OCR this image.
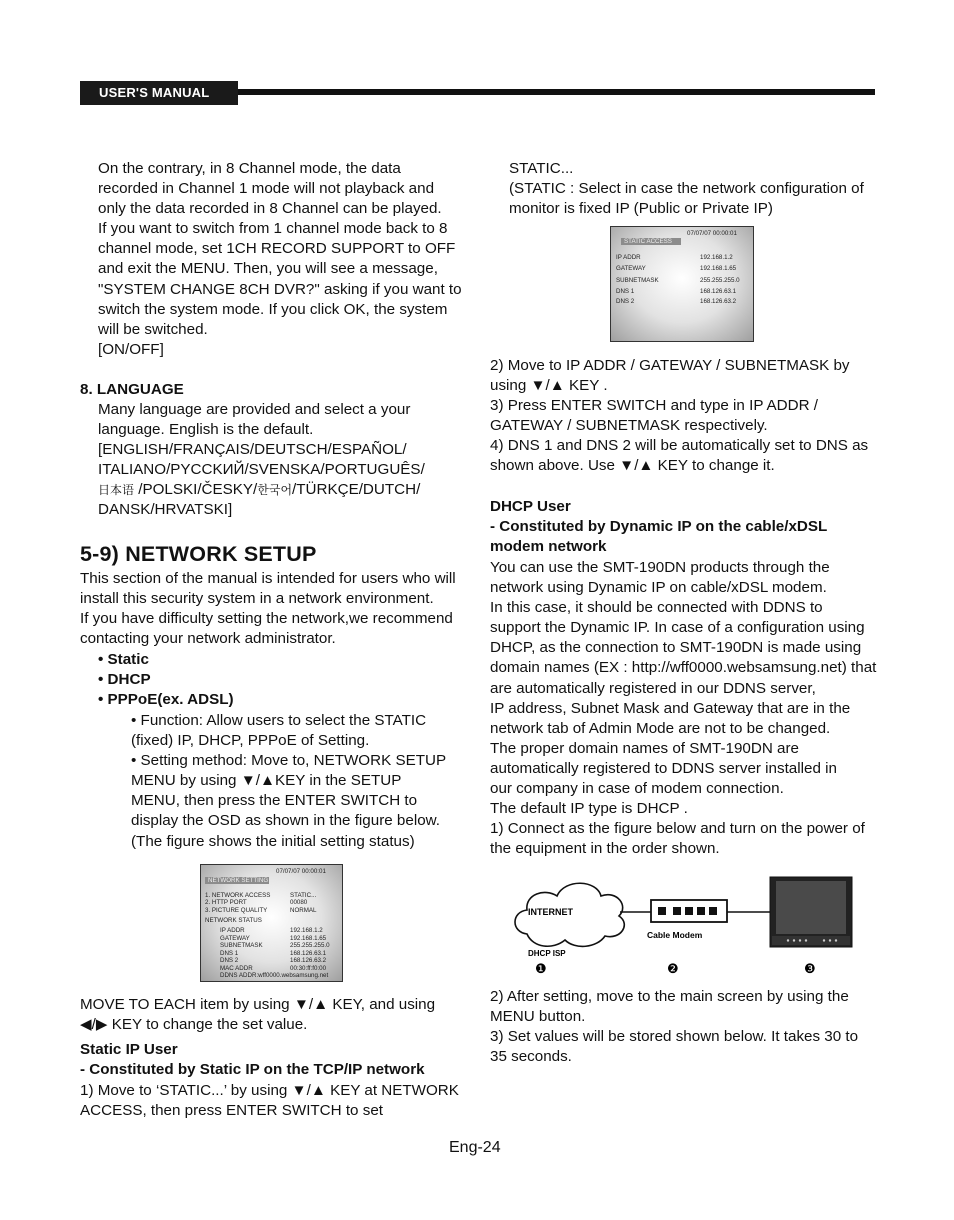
USER'S MANUAL
On the contrary, in 8 Channel mode, the data
recorded in Channel 1 mode will not playback and
only the data recorded in 8 Channel can be played.
If you want to switch from 1 channel mode back to 8
channel mode, set 1CH RECORD SUPPORT to OFF
and exit the MENU. Then, you will see a message,
"SYSTEM CHANGE 8CH DVR?" asking if you want to
switch the system mode. If you click OK, the system
will be switched.
[ON/OFF]
8. LANGUAGE
Many language are provided and select a your
language. English is the default.
[ENGLISH/FRANÇAIS/DEUTSCH/ESPAÑOL/
ITALIANO/PYCCKИЙ/SVENSKA/PORTUGUÊS/
日本语 /POLSKI/ČESKY/한국어/TÜRKÇE/DUTCH/
DANSK/HRVATSKI]
5-9) NETWORK SETUP
This section of the manual is intended for users who will
install this security system in a network environment.
If you have difficulty setting the network,we recommend
contacting your network administrator.
• Static
• DHCP
• PPPoE(ex. ADSL)
• Function: Allow users to select the STATIC
(fixed) IP, DHCP, PPPoE of Setting.
• Setting method: Move to, NETWORK SETUP
MENU by using ▼/▲KEY in the SETUP
MENU, then press the ENTER SWITCH to
display the OSD as shown in the figure below.
(The figure shows the initial setting status)
07/07/07 00:00:01
NETWORK SETTING
1. NETWORK ACCESS	STATIC...
2. HTTP PORT	00080
3. PICTURE QUALITY	NORMAL
NETWORK STATUS
IP ADDR	192.168.1.2
GATEWAY	192.168.1.65
SUBNETMASK	255.255.255.0
DNS 1	168.126.63.1
DNS 2	168.126.63.2
MAC ADDR	00:30:ff:f0:00
DDNS ADDR:wff0000.websamsung.net
MOVE TO EACH item by using ▼/▲ KEY, and using
◀/▶ KEY to change the set value.
Static IP User
- Constituted by Static IP on the TCP/IP network
1) Move to ‘STATIC...’ by using ▼/▲ KEY at NETWORK
ACCESS, then press ENTER SWITCH to set
STATIC...
(STATIC : Select in case the network configuration of
monitor is fixed IP (Public or Private IP)
07/07/07 00:00:01
STATIC ACCESS
IP ADDR	192.168.1.2
GATEWAY	192.168.1.65
SUBNETMASK	255.255.255.0
DNS 1	168.126.63.1
DNS 2	168.126.63.2
2) Move to IP ADDR / GATEWAY / SUBNETMASK by
using ▼/▲ KEY .
3) Press ENTER SWITCH and type in IP ADDR /
GATEWAY / SUBNETMASK respectively.
4) DNS 1 and DNS 2 will be automatically set to DNS as
shown above. Use ▼/▲ KEY to change it.
DHCP User
- Constituted by Dynamic IP on the cable/xDSL
modem network
You can use the SMT-190DN products through the
network using Dynamic IP on cable/xDSL modem.
In this case, it should be connected with DDNS to
support the Dynamic IP. In case of a configuration using
DHCP, as the connection to SMT-190DN is made using
domain names (EX : http://wff0000.websamsung.net) that
are automatically registered in our DDNS server,
IP address, Subnet Mask and Gateway that are in the
network tab of Admin Mode are not to be changed.
The proper domain names of SMT-190DN are
automatically registered to DDNS server installed in
our company in case of modem connection.
The default IP type is DHCP .
1) Connect as the figure below and turn on the power of
the equipment in the order shown.
INTERNET
Cable Modem
DHCP ISP
❶	❷	❸
2) After setting, move to the main screen by using the
MENU button.
3) Set values will be stored shown below. It takes 30 to
35 seconds.
Eng-24
